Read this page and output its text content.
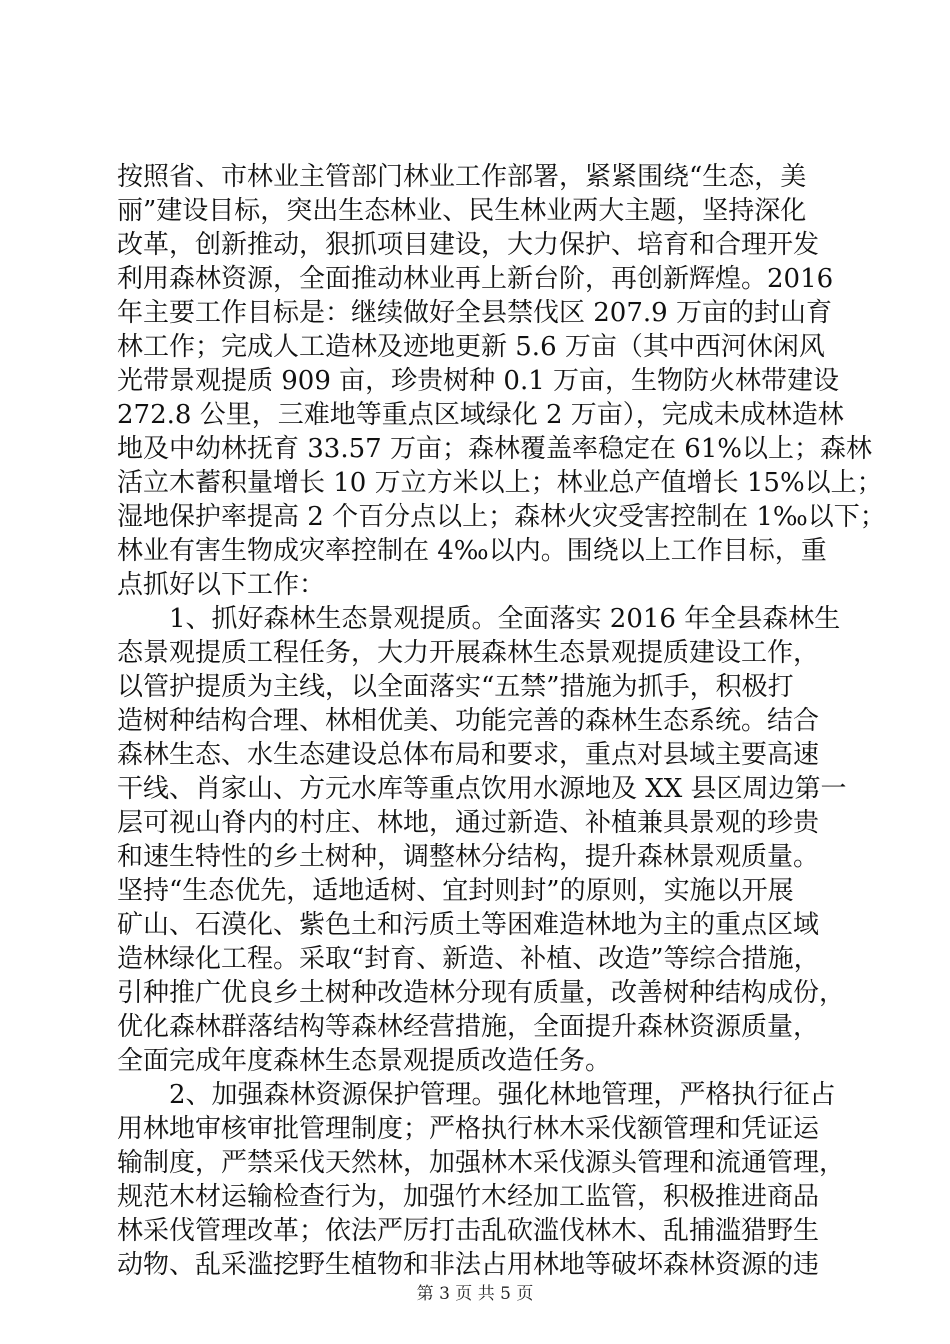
按照省、市林业主管部门林业工作部署，紧紧围绕“生态，美
丽”建设目标，突出生态林业、民生林业两大主题，坚持深化
改革，创新推动，狠抓项目建设，大力保护、培育和合理开发
利用森林资源，全面推动林业再上新台阶，再创新辉煌。2016
年主要工作目标是：继续做好全县禁伐区 207.9 万亩的封山育
林工作；完成人工造林及迹地更新 5.6 万亩（其中西河休闲风
光带景观提质 909 亩，珍贵树种 0.1 万亩，生物防火林带建设
272.8 公里，三难地等重点区域绿化 2 万亩），完成未成林造林
地及中幼林抚育 33.57 万亩；森林覆盖率稳定在 61%以上；森林
活立木蓄积量增长 10 万立方米以上；林业总产值增长 15%以上；
湿地保护率提高 2 个百分点以上；森林火灾受害控制在 1‰以下；
林业有害生物成灾率控制在 4‰以内。围绕以上工作目标，重
点抓好以下工作：
　　1、抓好森林生态景观提质。全面落实 2016 年全县森林生
态景观提质工程任务，大力开展森林生态景观提质建设工作，
以管护提质为主线，以全面落实“五禁”措施为抓手，积极打
造树种结构合理、林相优美、功能完善的森林生态系统。结合
森林生态、水生态建设总体布局和要求，重点对县域主要高速
干线、肖家山、方元水库等重点饮用水源地及 XX 县区周边第一
层可视山脊内的村庄、林地，通过新造、补植兼具景观的珍贵
和速生特性的乡土树种，调整林分结构，提升森林景观质量。
坚持“生态优先，适地适树、宜封则封”的原则，实施以开展
矿山、石漠化、紫色土和污质土等困难造林地为主的重点区域
造林绿化工程。采取“封育、新造、补植、改造”等综合措施，
引种推广优良乡土树种改造林分现有质量，改善树种结构成份，
优化森林群落结构等森林经营措施，全面提升森林资源质量，
全面完成年度森林生态景观提质改造任务。
　　2、加强森林资源保护管理。强化林地管理，严格执行征占
用林地审核审批管理制度；严格执行林木采伐额管理和凭证运
输制度，严禁采伐天然林，加强林木采伐源头管理和流通管理，
规范木材运输检查行为，加强竹木经加工监管，积极推进商品
林采伐管理改革；依法严厉打击乱砍滥伐林木、乱捕滥猎野生
动物、乱采滥挖野生植物和非法占用林地等破坏森林资源的违
第 3 页 共 5 页
